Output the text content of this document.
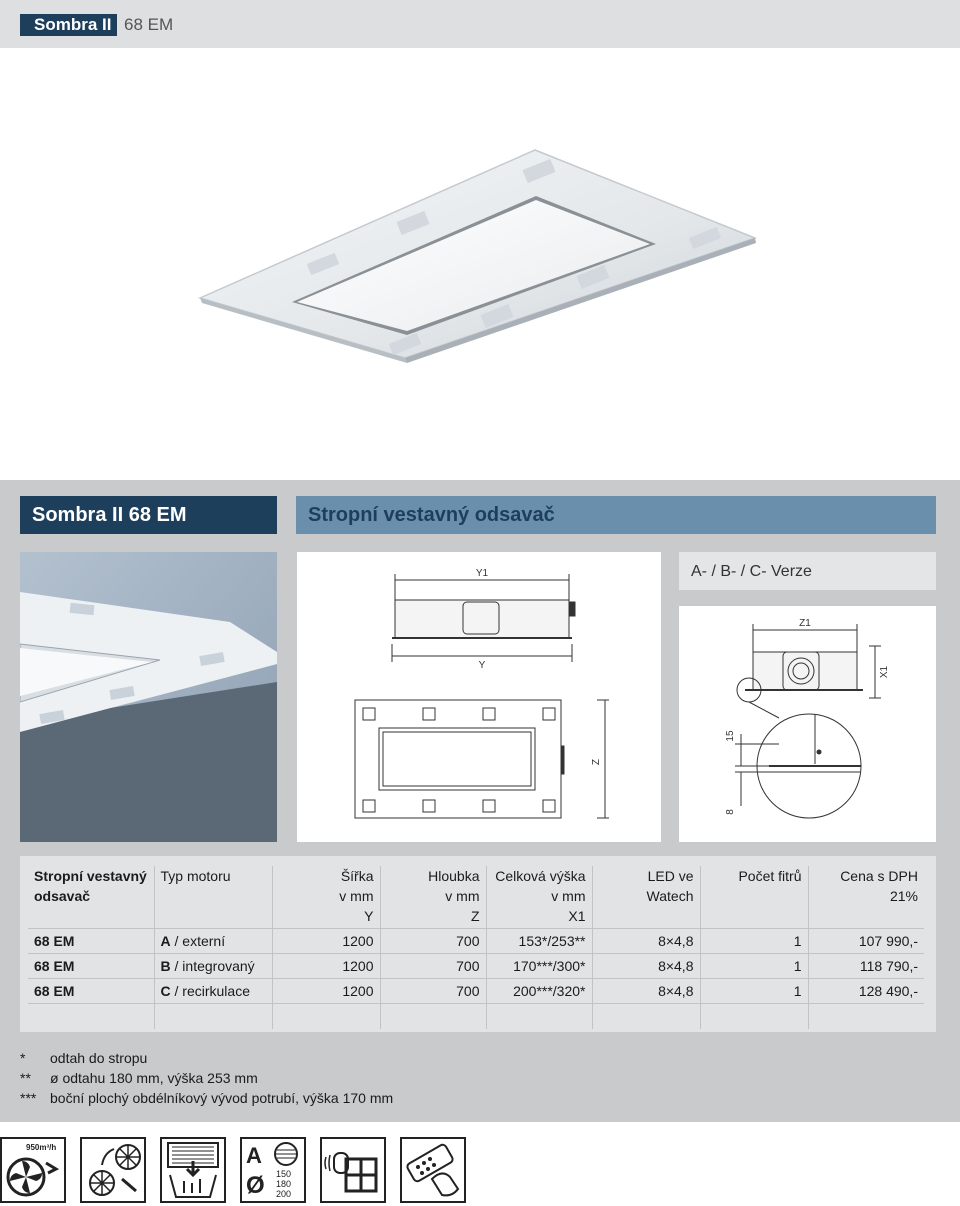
Sombra II 68 EM
Sombra II 68 EM	Stropní vestavný odsavač
Y1
Y
Z
A- / B- / C- Verze
Z1
X1
15
8
Stropní vestavný
odsavač	Typ motoru	Šířka
v mm
Y	Hloubka
v mm
Z	Celková výška
v mm
X1	LED ve
Watech	Počet fitrů	Cena s DPH
21%
68 EM	A / externí	1200	700	153*/253**	8×4,8	1	107 990,-
68 EM	B / integrovaný	1200	700	170***/300*	8×4,8	1	118 790,-
68 EM	C / recirkulace	1200	700	200***/320*	8×4,8	1	128 490,-

*	odtah do stropu
**	ø odtahu 180 mm, výška 253 mm
*** boční plochý obdélníkový vývod potrubí, výška 170 mm
950m³/h	A
Ø 150
180
200
